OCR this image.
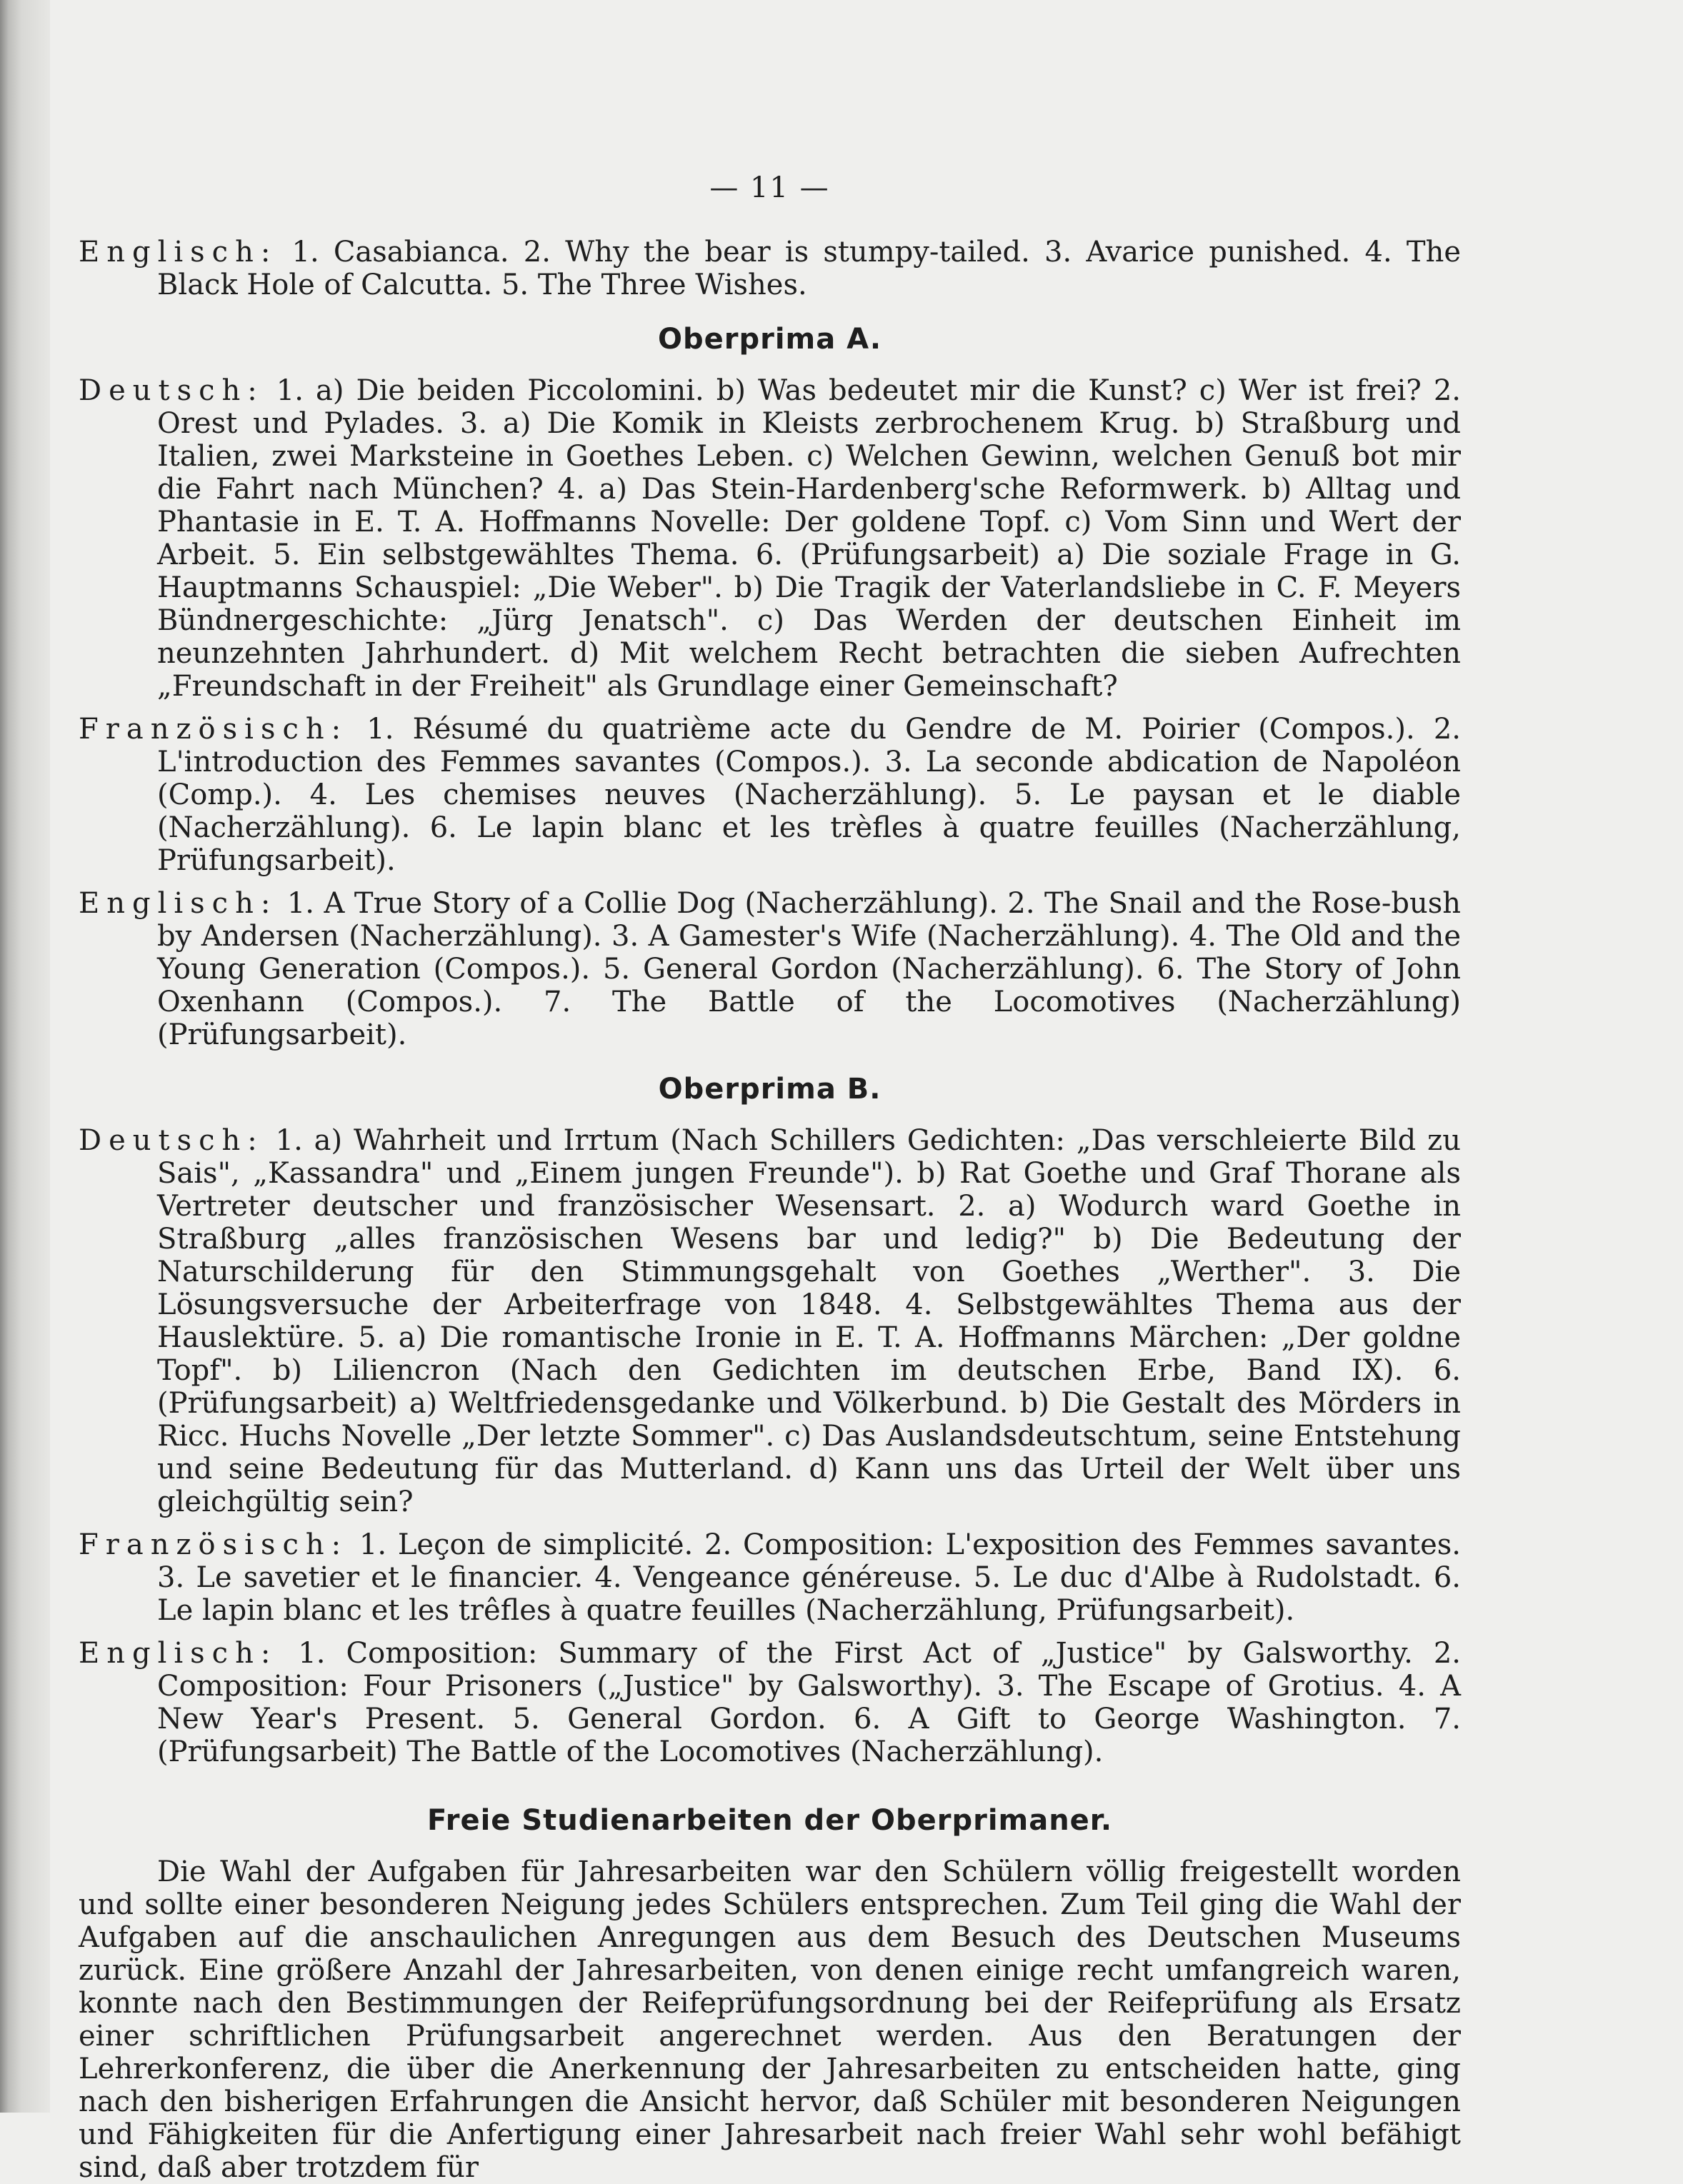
— 11 —

Englisch: 1. Casabianca. 2. Why the bear is stumpy-tailed. 3. Avarice punished. 4. The Black Hole of Calcutta. 5. The Three Wishes.

Oberprima A.

Deutsch: 1. a) Die beiden Piccolomini. b) Was bedeutet mir die Kunst? c) Wer ist frei? 2. Orest und Pylades. 3. a) Die Komik in Kleists zerbrochenem Krug. b) Straßburg und Italien, zwei Marksteine in Goethes Leben. c) Welchen Gewinn, welchen Genuß bot mir die Fahrt nach München? 4. a) Das Stein-Hardenberg'sche Reformwerk. b) Alltag und Phantasie in E. T. A. Hoffmanns Novelle: Der goldene Topf. c) Vom Sinn und Wert der Arbeit. 5. Ein selbstgewähltes Thema. 6. (Prüfungsarbeit) a) Die soziale Frage in G. Hauptmanns Schauspiel: „Die Weber". b) Die Tragik der Vaterlandsliebe in C. F. Meyers Bündnergeschichte: „Jürg Jenatsch". c) Das Werden der deutschen Einheit im neunzehnten Jahrhundert. d) Mit welchem Recht betrachten die sieben Aufrechten „Freundschaft in der Freiheit" als Grundlage einer Gemeinschaft?

Französisch: 1. Résumé du quatrième acte du Gendre de M. Poirier (Compos.). 2. L'introduction des Femmes savantes (Compos.). 3. La seconde abdication de Napoléon (Comp.). 4. Les chemises neuves (Nacherzählung). 5. Le paysan et le diable (Nacherzählung). 6. Le lapin blanc et les trèfles à quatre feuilles (Nacherzählung, Prüfungsarbeit).

Englisch: 1. A True Story of a Collie Dog (Nacherzählung). 2. The Snail and the Rose-bush by Andersen (Nacherzählung). 3. A Gamester's Wife (Nacherzählung). 4. The Old and the Young Generation (Compos.). 5. General Gordon (Nacherzählung). 6. The Story of John Oxenhann (Compos.). 7. The Battle of the Locomotives (Nacherzählung) (Prüfungsarbeit).

Oberprima B.

Deutsch: 1. a) Wahrheit und Irrtum (Nach Schillers Gedichten: „Das verschleierte Bild zu Sais", „Kassandra" und „Einem jungen Freunde"). b) Rat Goethe und Graf Thorane als Vertreter deutscher und französischer Wesensart. 2. a) Wodurch ward Goethe in Straßburg „alles französischen Wesens bar und ledig?" b) Die Bedeutung der Naturschilderung für den Stimmungsgehalt von Goethes „Werther". 3. Die Lösungsversuche der Arbeiterfrage von 1848. 4. Selbstgewähltes Thema aus der Hauslektüre. 5. a) Die romantische Ironie in E. T. A. Hoffmanns Märchen: „Der goldne Topf". b) Liliencron (Nach den Gedichten im deutschen Erbe, Band IX). 6. (Prüfungsarbeit) a) Weltfriedensgedanke und Völkerbund. b) Die Gestalt des Mörders in Ricc. Huchs Novelle „Der letzte Sommer". c) Das Auslandsdeutschtum, seine Entstehung und seine Bedeutung für das Mutterland. d) Kann uns das Urteil der Welt über uns gleichgültig sein?

Französisch: 1. Leçon de simplicité. 2. Composition: L'exposition des Femmes savantes. 3. Le savetier et le financier. 4. Vengeance généreuse. 5. Le duc d'Albe à Rudolstadt. 6. Le lapin blanc et les trêfles à quatre feuilles (Nacherzählung, Prüfungsarbeit).

Englisch: 1. Composition: Summary of the First Act of „Justice" by Galsworthy. 2. Composition: Four Prisoners („Justice" by Galsworthy). 3. The Escape of Grotius. 4. A New Year's Present. 5. General Gordon. 6. A Gift to George Washington. 7. (Prüfungsarbeit) The Battle of the Locomotives (Nacherzählung).

Freie Studienarbeiten der Oberprimaner.

Die Wahl der Aufgaben für Jahresarbeiten war den Schülern völlig freigestellt worden und sollte einer besonderen Neigung jedes Schülers entsprechen. Zum Teil ging die Wahl der Aufgaben auf die anschaulichen Anregungen aus dem Besuch des Deutschen Museums zurück. Eine größere Anzahl der Jahresarbeiten, von denen einige recht umfangreich waren, konnte nach den Bestimmungen der Reifeprüfungsordnung bei der Reifeprüfung als Ersatz einer schriftlichen Prüfungsarbeit angerechnet werden. Aus den Beratungen der Lehrerkonferenz, die über die Anerkennung der Jahresarbeiten zu entscheiden hatte, ging nach den bisherigen Erfahrungen die Ansicht hervor, daß Schüler mit besonderen Neigungen und Fähigkeiten für die Anfertigung einer Jahresarbeit nach freier Wahl sehr wohl befähigt sind, daß aber trotzdem für
